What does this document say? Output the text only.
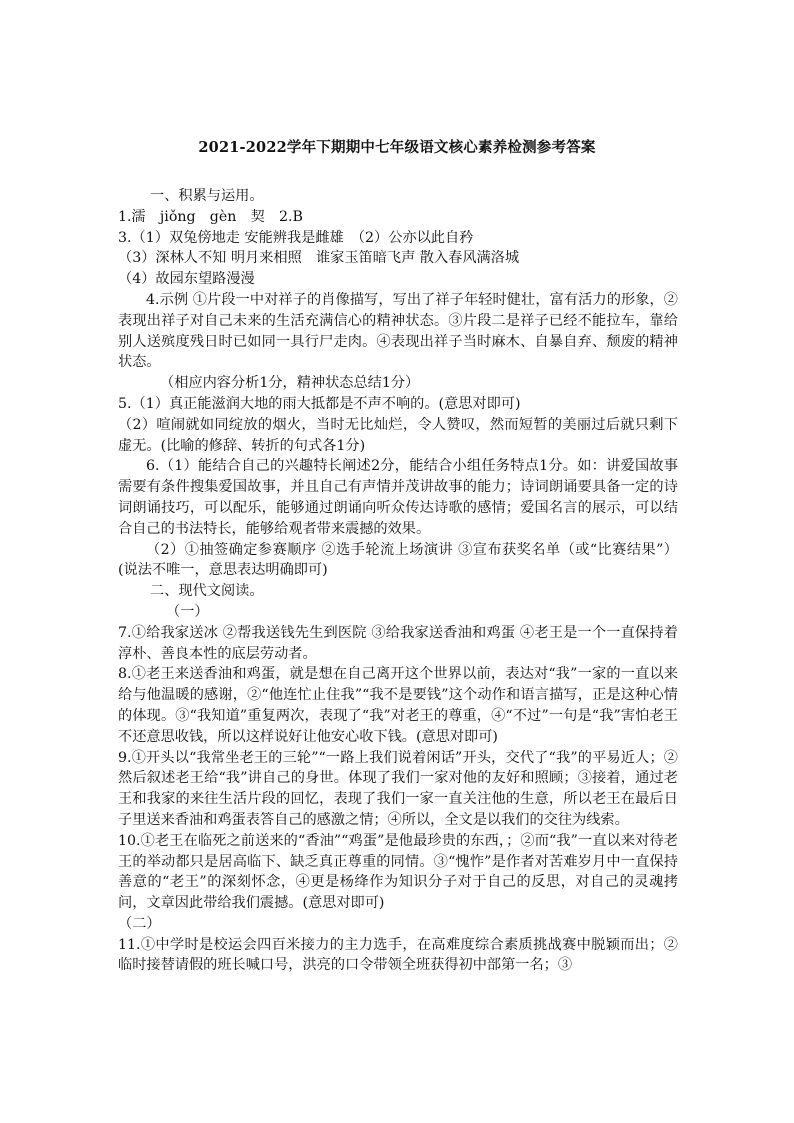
2021-2022学年下期期中七年级语文核心素养检测参考答案

一、积累与运用。

1.濡　jiǒng　gèn　契　2.B

3.（1）双兔傍地走 安能辨我是雌雄　（2）公亦以此自矜

（3）深林人不知 明月来相照　谁家玉笛暗飞声 散入春风满洛城

（4）故园东望路漫漫

4.示例 ①片段一中对祥子的肖像描写，写出了祥子年轻时健壮，富有活力的形象，②表现出祥子对自己未来的生活充满信心的精神状态。③片段二是祥子已经不能拉车，靠给别人送殡度残日时已如同一具行尸走肉。④表现出祥子当时麻木、自暴自弃、颓废的精神状态。

（相应内容分析1分，精神状态总结1分）

5.（1）真正能滋润大地的雨大抵都是不声不响的。(意思对即可)

（2）喧闹就如同绽放的烟火，当时无比灿烂，令人赞叹，然而短暂的美丽过后就只剩下虚无。(比喻的修辞、转折的句式各1分)

6.（1）能结合自己的兴趣特长阐述2分，能结合小组任务特点1分。如：讲爱国故事需要有条件搜集爱国故事，并且自己有声情并茂讲故事的能力；诗词朗诵要具备一定的诗词朗诵技巧，可以配乐，能够通过朗诵向听众传达诗歌的感情；爱国名言的展示，可以结合自己的书法特长，能够给观者带来震撼的效果。

（2）①抽签确定参赛顺序 ②选手轮流上场演讲 ③宣布获奖名单（或“比赛结果”）(说法不唯一，意思表达明确即可)

二、现代文阅读。

（一）

7.①给我家送冰 ②帮我送钱先生到医院 ③给我家送香油和鸡蛋 ④老王是一个一直保持着淳朴、善良本性的底层劳动者。

8.①老王来送香油和鸡蛋，就是想在自己离开这个世界以前，表达对“我”一家的一直以来给与他温暖的感谢，②“他连忙止住我”“我不是要钱”这个动作和语言描写，正是这种心情的体现。③“我知道”重复两次，表现了“我”对老王的尊重，④“不过”一句是“我”害怕老王不还意思收钱，所以这样说好让他安心收下钱。(意思对即可)

9.①开头以“我常坐老王的三轮”“一路上我们说着闲话”开头，交代了“我”的平易近人；②然后叙述老王给“我”讲自己的身世。体现了我们一家对他的友好和照顾；③接着，通过老王和我家的来往生活片段的回忆，表现了我们一家一直关注他的生意，所以老王在最后日子里送来香油和鸡蛋表答自己的感激之情；④所以，全文是以我们的交往为线索。

10.①老王在临死之前送来的“香油”“鸡蛋”是他最珍贵的东西，；②而“我”一直以来对待老王的举动都只是居高临下、缺乏真正尊重的同情。③“愧怍”是作者对苦难岁月中一直保持善意的“老王”的深刻怀念，④更是杨绛作为知识分子对于自己的反思，对自己的灵魂拷问，文章因此带给我们震撼。(意思对即可)

（二）

11.①中学时是校运会四百米接力的主力选手，在高难度综合素质挑战赛中脱颖而出；②临时接替请假的班长喊口号，洪亮的口令带领全班获得初中部第一名；③
